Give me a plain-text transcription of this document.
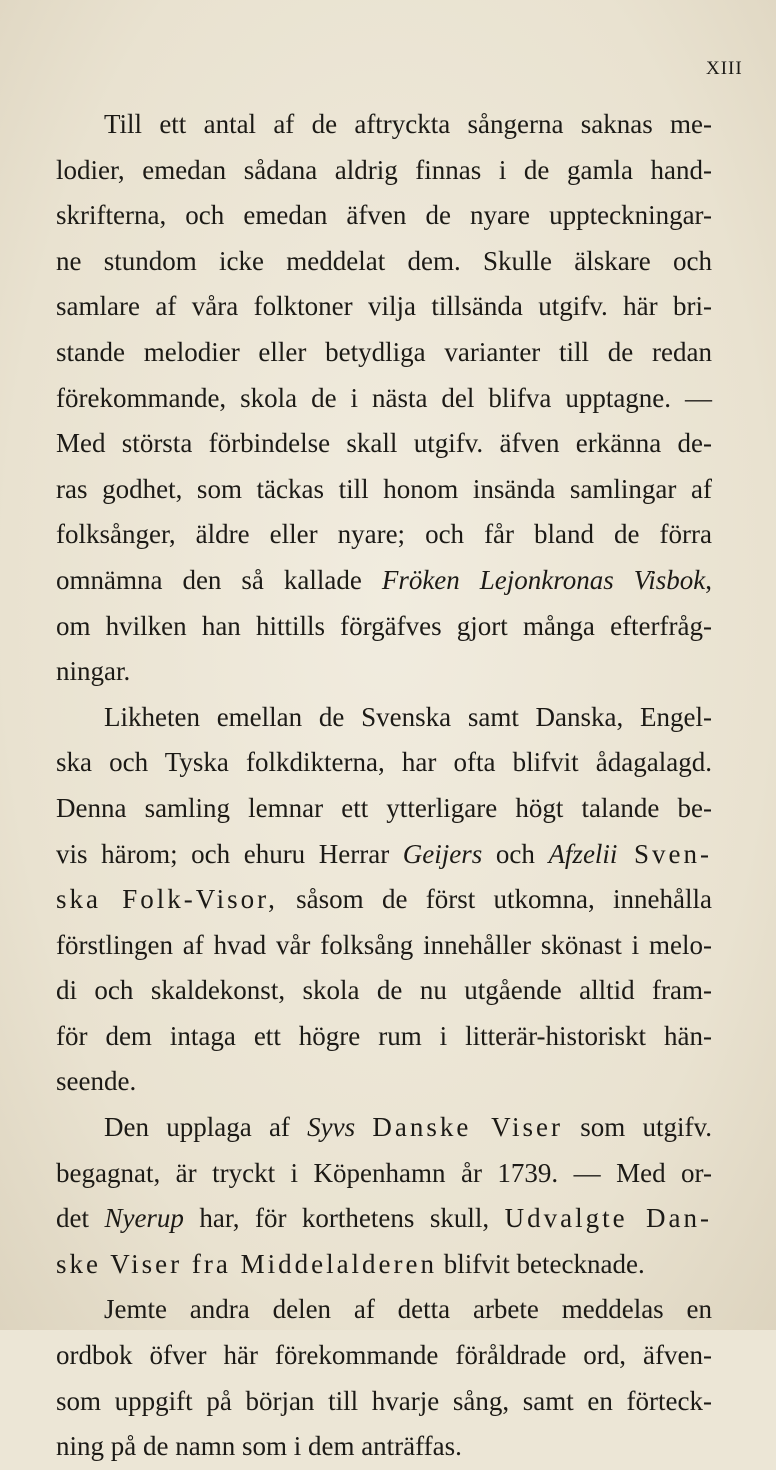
XIII
Till ett antal af de aftryckta sångerna saknas me-
lodier, emedan sådana aldrig finnas i de gamla hand-
skrifterna, och emedan äfven de nyare uppteckningar-
ne stundom icke meddelat dem. Skulle älskare och
samlare af våra folktoner vilja tillsända utgifv. här bri-
stande melodier eller betydliga varianter till de redan
förekommande, skola de i nästa del blifva upptagne. —
Med största förbindelse skall utgifv. äfven erkänna de-
ras godhet, som täckas till honom insända samlingar af
folksånger, äldre eller nyare; och får bland de förra
omnämna den så kallade Fröken Lejonkronas Visbok,
om hvilken han hittills förgäfves gjort många efterfråg-
ningar.
Likheten emellan de Svenska samt Danska, Engel-
ska och Tyska folkdikterna, har ofta blifvit ådagalagd.
Denna samling lemnar ett ytterligare högt talande be-
vis härom; och ehuru Herrar Geijers och Afzelii Sven-
ska Folk-Visor, såsom de först utkomna, innehålla
förstlingen af hvad vår folksång innehåller skönast i melo-
di och skaldekonst, skola de nu utgående alltid fram-
för dem intaga ett högre rum i litterär-historiskt hän-
seende.
Den upplaga af Syvs Danske Viser som utgifv.
begagnat, är tryckt i Köpenhamn år 1739. — Med or-
det Nyerup har, för korthetens skull, Udvalgte Dan-
ske Viser fra Middelalderen blifvit betecknade.
Jemte andra delen af detta arbete meddelas en
ordbok öfver här förekommande föråldrade ord, äfven-
som uppgift på början till hvarje sång, samt en förteck-
ning på de namn som i dem anträffas.
